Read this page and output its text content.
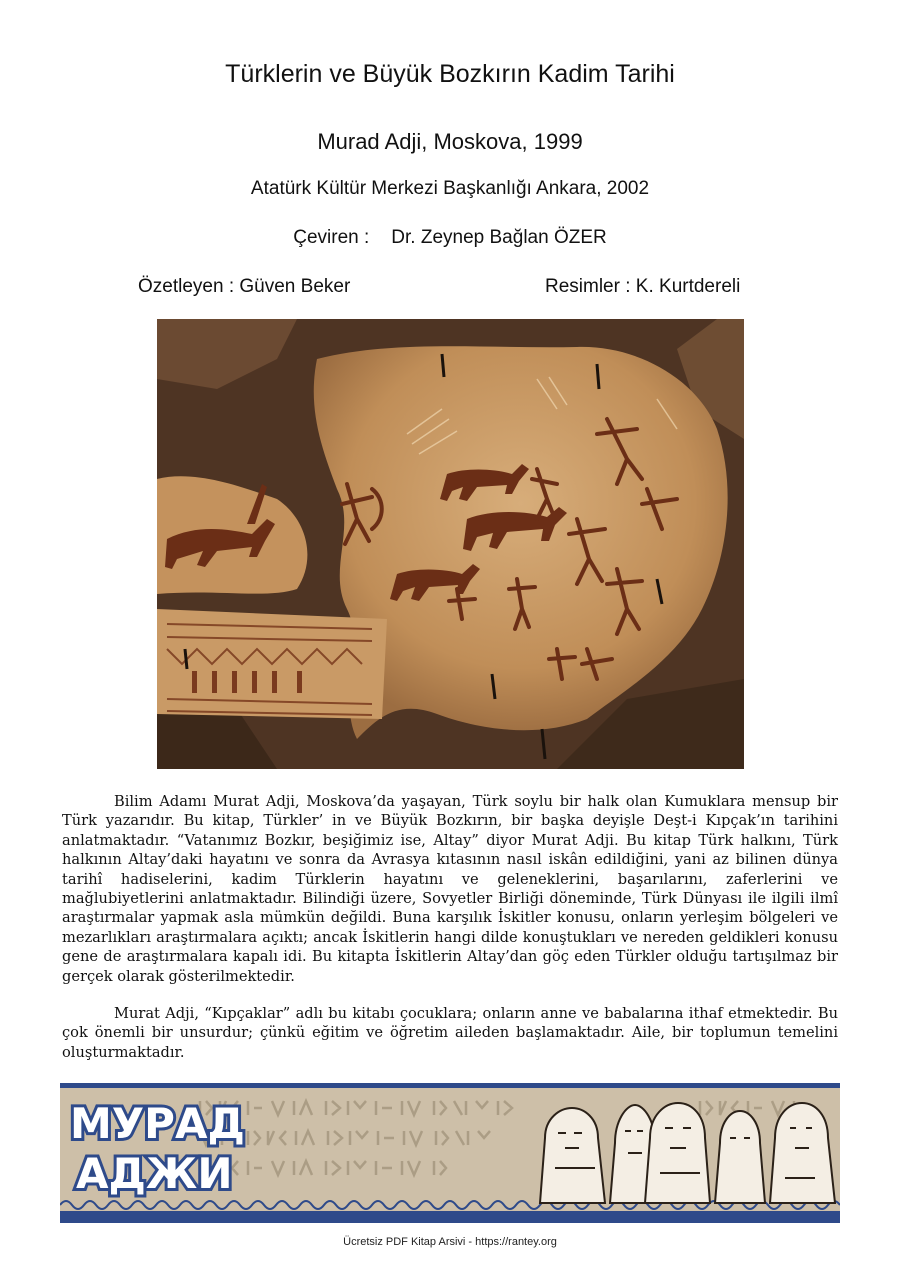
Türklerin ve Büyük Bozkırın Kadim Tarihi
Murad Adji, Moskova, 1999
Atatürk Kültür Merkezi Başkanlığı Ankara, 2002
Çeviren : Dr. Zeynep Bağlan ÖZER
Özetleyen : Güven Beker	Resimler : K. Kurtdereli

Bilim Adamı Murat Adji, Moskova’da yaşayan, Türk soylu bir halk olan Kumuklara mensup bir Türk yazarıdır. Bu kitap, Türkler’ in ve Büyük Bozkırın, bir başka deyişle Deşt-i Kıpçak’ın tarihini anlatmaktadır. “Vatanımız Bozkır, beşiğimiz ise, Altay” diyor Murat Adji. Bu kitap Türk halkını, Türk halkının Altay’daki hayatını ve sonra da Avrasya kıtasının nasıl iskân edildiğini, yani az bilinen dünya tarihî hadiselerini, kadim Türklerin hayatını ve geleneklerini, başarılarını, zaferlerini ve mağlubiyetlerini anlatmaktadır. Bilindiği üzere, Sovyetler Birliği döneminde, Türk Dünyası ile ilgili ilmî araştırmalar yapmak asla mümkün değildi. Buna karşılık İskitler konusu, onların yerleşim bölgeleri ve mezarlıkları araştırmalara açıktı; ancak İskitlerin hangi dilde konuştukları ve nereden geldikleri konusu gene de araştırmalara kapalı idi. Bu kitapta İskitlerin Altay’dan göç eden Türkler olduğu tartışılmaz bir gerçek olarak gösterilmektedir.

Murat Adji, “Kıpçaklar” adlı bu kitabı çocuklara; onların anne ve babalarına ithaf etmektedir. Bu çok önemli bir unsurdur; çünkü eğitim ve öğretim aileden başlamaktadır. Aile, bir toplumun temelini oluşturmaktadır.

МУРАД
АДЖИ
Ücretsiz PDF Kitap Arsivi - https://rantey.org
